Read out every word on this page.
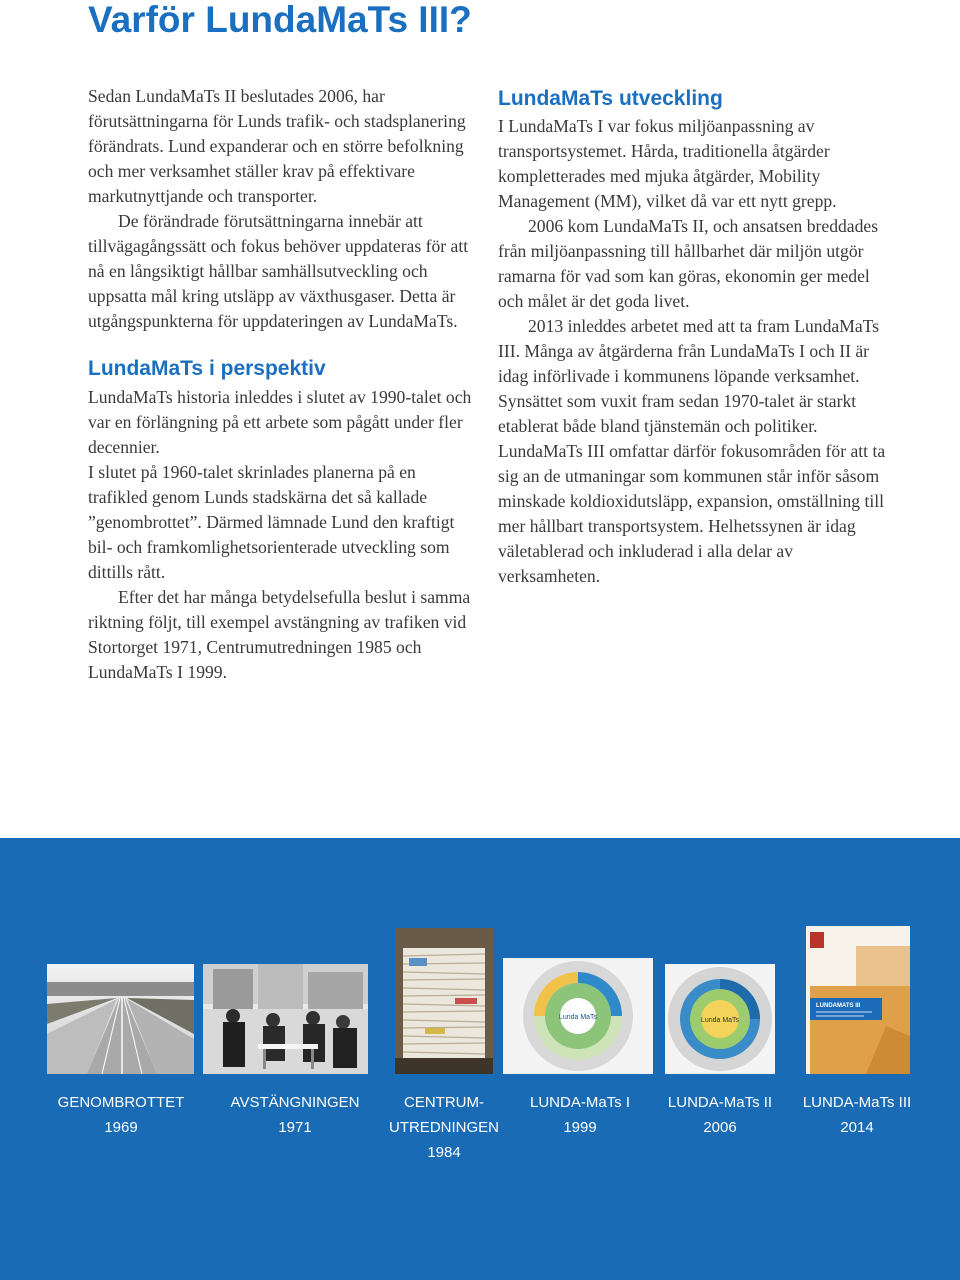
Varför LundaMaTs III?

Sedan LundaMaTs II beslutades 2006, har förutsättningarna för Lunds trafik- och stadsplanering förändrats. Lund expanderar och en större befolkning och mer verksamhet ställer krav på effektivare markutnyttjande och transporter.

De förändrade förutsättningarna innebär att tillvägagångssätt och fokus behöver uppdateras för att nå en långsiktigt hållbar samhällsutveckling och uppsatta mål kring utsläpp av växthusgaser. Detta är utgångspunkterna för uppdateringen av LundaMaTs.

LundaMaTs i perspektiv

LundaMaTs historia inleddes i slutet av 1990-talet och var en förlängning på ett arbete som pågått under fler decennier.

I slutet på 1960-talet skrinlades planerna på en trafikled genom Lunds stadskärna det så kallade ”genombrottet”. Därmed lämnade Lund den kraftigt bil- och framkomlighetsorienterade utveckling som dittills rått.

Efter det har många betydelsefulla beslut i samma riktning följt, till exempel avstängning av trafiken vid Stortorget 1971, Centrumutredningen 1985 och LundaMaTs I 1999.

LundaMaTs utveckling

I LundaMaTs I var fokus miljöanpassning av transportsystemet. Hårda, traditionella åtgärder kompletterades med mjuka åtgärder, Mobility Management (MM), vilket då var ett nytt grepp.

2006 kom LundaMaTs II, och ansatsen breddades från miljöanpassning till hållbarhet där miljön utgör ramarna för vad som kan göras, ekonomin ger medel och målet är det goda livet.

2013 inleddes arbetet med att ta fram LundaMaTs III. Många av åtgärderna från LundaMaTs I och II är idag införlivade i kommunens löpande verksamhet. Synsättet som vuxit fram sedan 1970-talet är starkt etablerat både bland tjänstemän och politiker. LundaMaTs III omfattar därför fokusområden för att ta sig an de utmaningar som kommunen står inför såsom minskade koldioxidutsläpp, expansion, omställning till mer hållbart transportsystem. Helhetssynen är idag väletablerad och inkluderad i alla delar av verksamheten.

Lunda MaTs	Lunda MaTs
LUNDAMATS III
GENOMBROTTET
1969
AVSTÄNGNINGEN
1971
CENTRUM-
UTREDNINGEN
1984
LUNDA-MaTs I
1999
LUNDA-MaTs II
2006
LUNDA-MaTs III
2014
